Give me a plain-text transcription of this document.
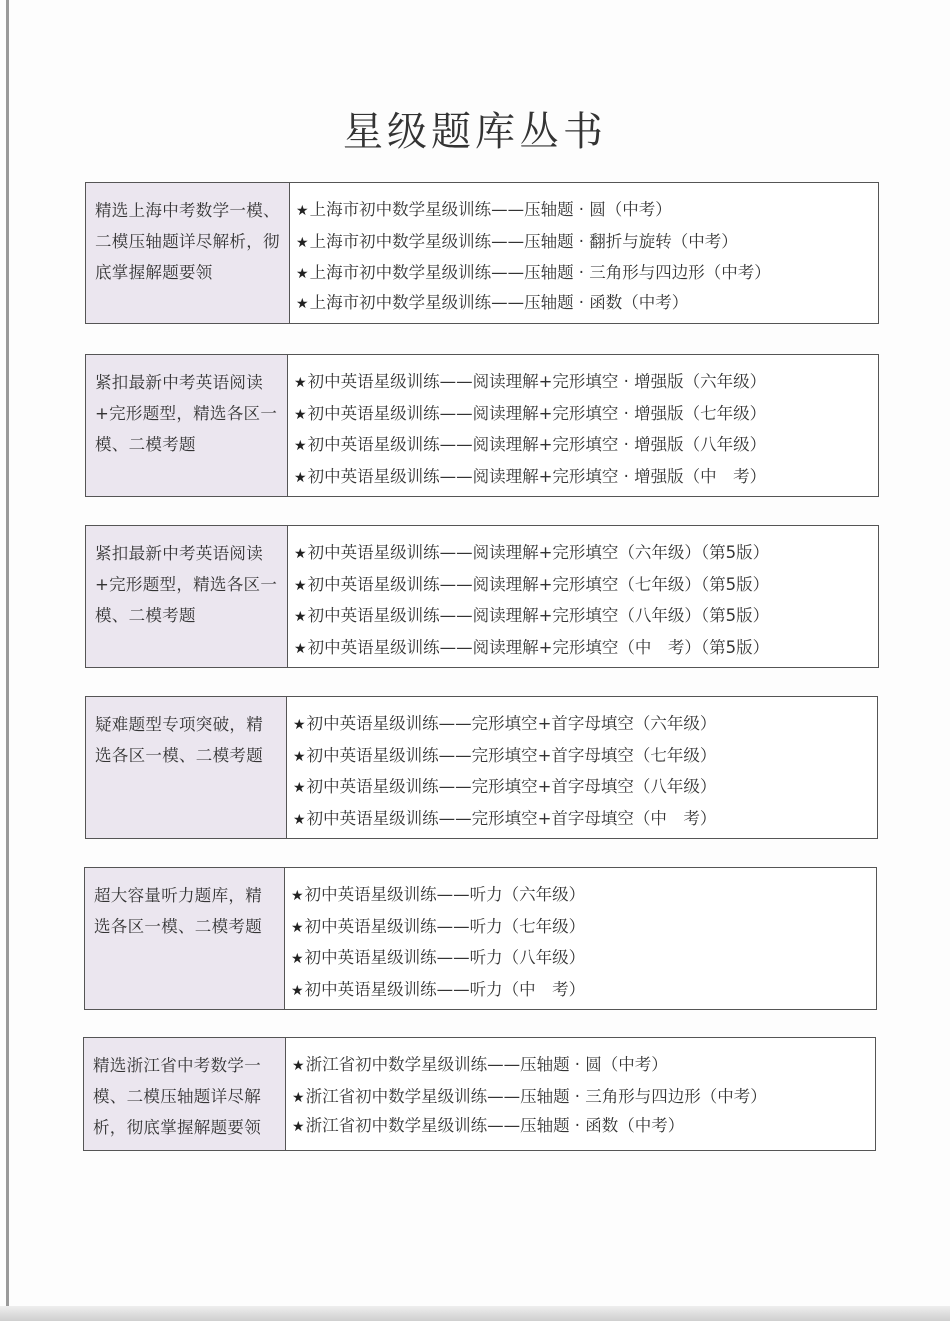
星级题库丛书
精选上海中考数学一模、二模压轴题详尽解析，彻底掌握解题要领
★上海市初中数学星级训练——压轴题 · 圆（中考）
★上海市初中数学星级训练——压轴题 · 翻折与旋转（中考）
★上海市初中数学星级训练——压轴题 · 三角形与四边形（中考）
★上海市初中数学星级训练——压轴题 · 函数（中考）
紧扣最新中考英语阅读+完形题型，精选各区一模、二模考题
★初中英语星级训练——阅读理解+完形填空 · 增强版（六年级）
★初中英语星级训练——阅读理解+完形填空 · 增强版（七年级）
★初中英语星级训练——阅读理解+完形填空 · 增强版（八年级）
★初中英语星级训练——阅读理解+完形填空 · 增强版（中　考）
紧扣最新中考英语阅读+完形题型，精选各区一模、二模考题
★初中英语星级训练——阅读理解+完形填空（六年级）（第5版）
★初中英语星级训练——阅读理解+完形填空（七年级）（第5版）
★初中英语星级训练——阅读理解+完形填空（八年级）（第5版）
★初中英语星级训练——阅读理解+完形填空（中　考）（第5版）
疑难题型专项突破，精选各区一模、二模考题
★初中英语星级训练——完形填空+首字母填空（六年级）
★初中英语星级训练——完形填空+首字母填空（七年级）
★初中英语星级训练——完形填空+首字母填空（八年级）
★初中英语星级训练——完形填空+首字母填空（中　考）
超大容量听力题库，精选各区一模、二模考题
★初中英语星级训练——听力（六年级）
★初中英语星级训练——听力（七年级）
★初中英语星级训练——听力（八年级）
★初中英语星级训练——听力（中　考）
精选浙江省中考数学一模、二模压轴题详尽解析，彻底掌握解题要领
★浙江省初中数学星级训练——压轴题 · 圆（中考）
★浙江省初中数学星级训练——压轴题 · 三角形与四边形（中考）
★浙江省初中数学星级训练——压轴题 · 函数（中考）
